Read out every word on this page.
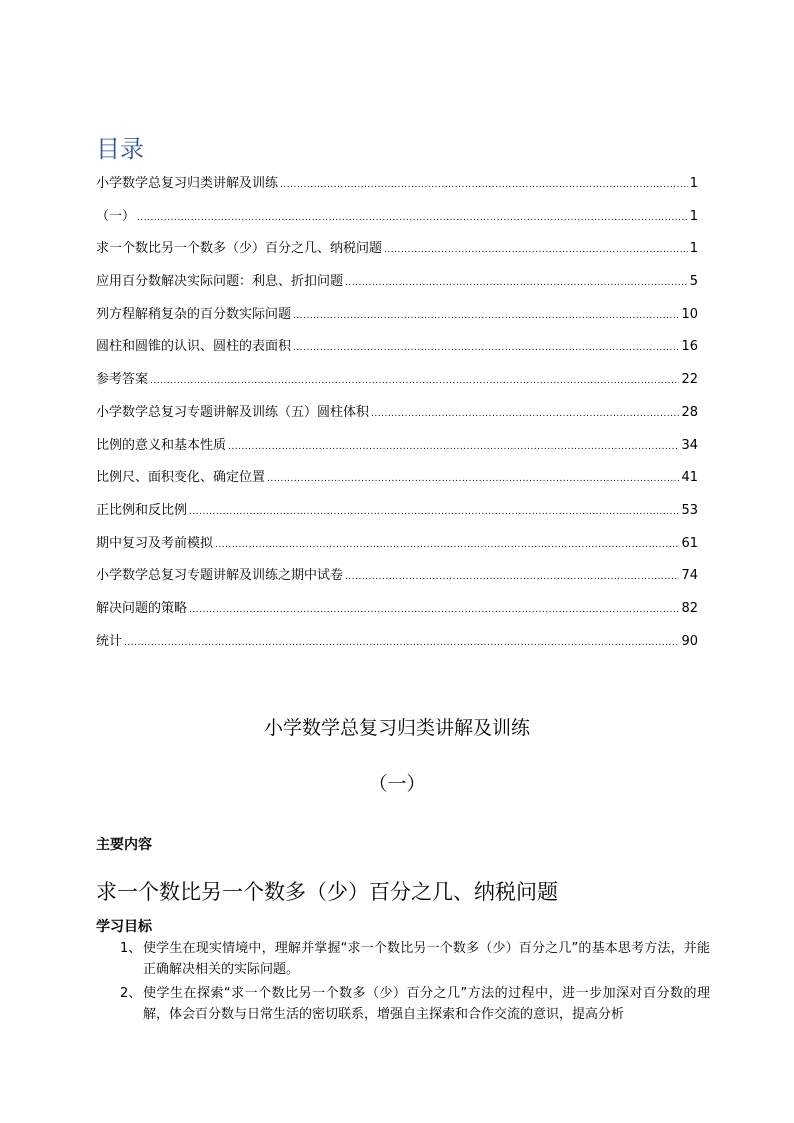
目录
小学数学总复习归类讲解及训练 .....	1
（一） .....	1
求一个数比另一个数多（少）百分之几、纳税问题 .....	1
应用百分数解决实际问题：利息、折扣问题 .....	5
列方程解稍复杂的百分数实际问题 .....	10
圆柱和圆锥的认识、圆柱的表面积 .....	16
参考答案 .....	22
小学数学总复习专题讲解及训练（五）圆柱体积 .....	28
比例的意义和基本性质 .....	34
比例尺、面积变化、确定位置 .....	41
正比例和反比例 .....	53
期中复习及考前模拟 .....	61
小学数学总复习专题讲解及训练之期中试卷 .....	74
解决问题的策略 .....	82
统计 .....	90
小学数学总复习归类讲解及训练
（一）
主要内容
求一个数比另一个数多（少）百分之几、纳税问题
学习目标
1、 使学生在现实情境中，理解并掌握“求一个数比另一个数多（少）百分之几”的基本思考方法，并能正确解决相关的实际问题。
2、 使学生在探索“求一个数比另一个数多（少）百分之几”方法的过程中，进一步加深对百分数的理解，体会百分数与日常生活的密切联系，增强自主探索和合作交流的意识，提高分析
